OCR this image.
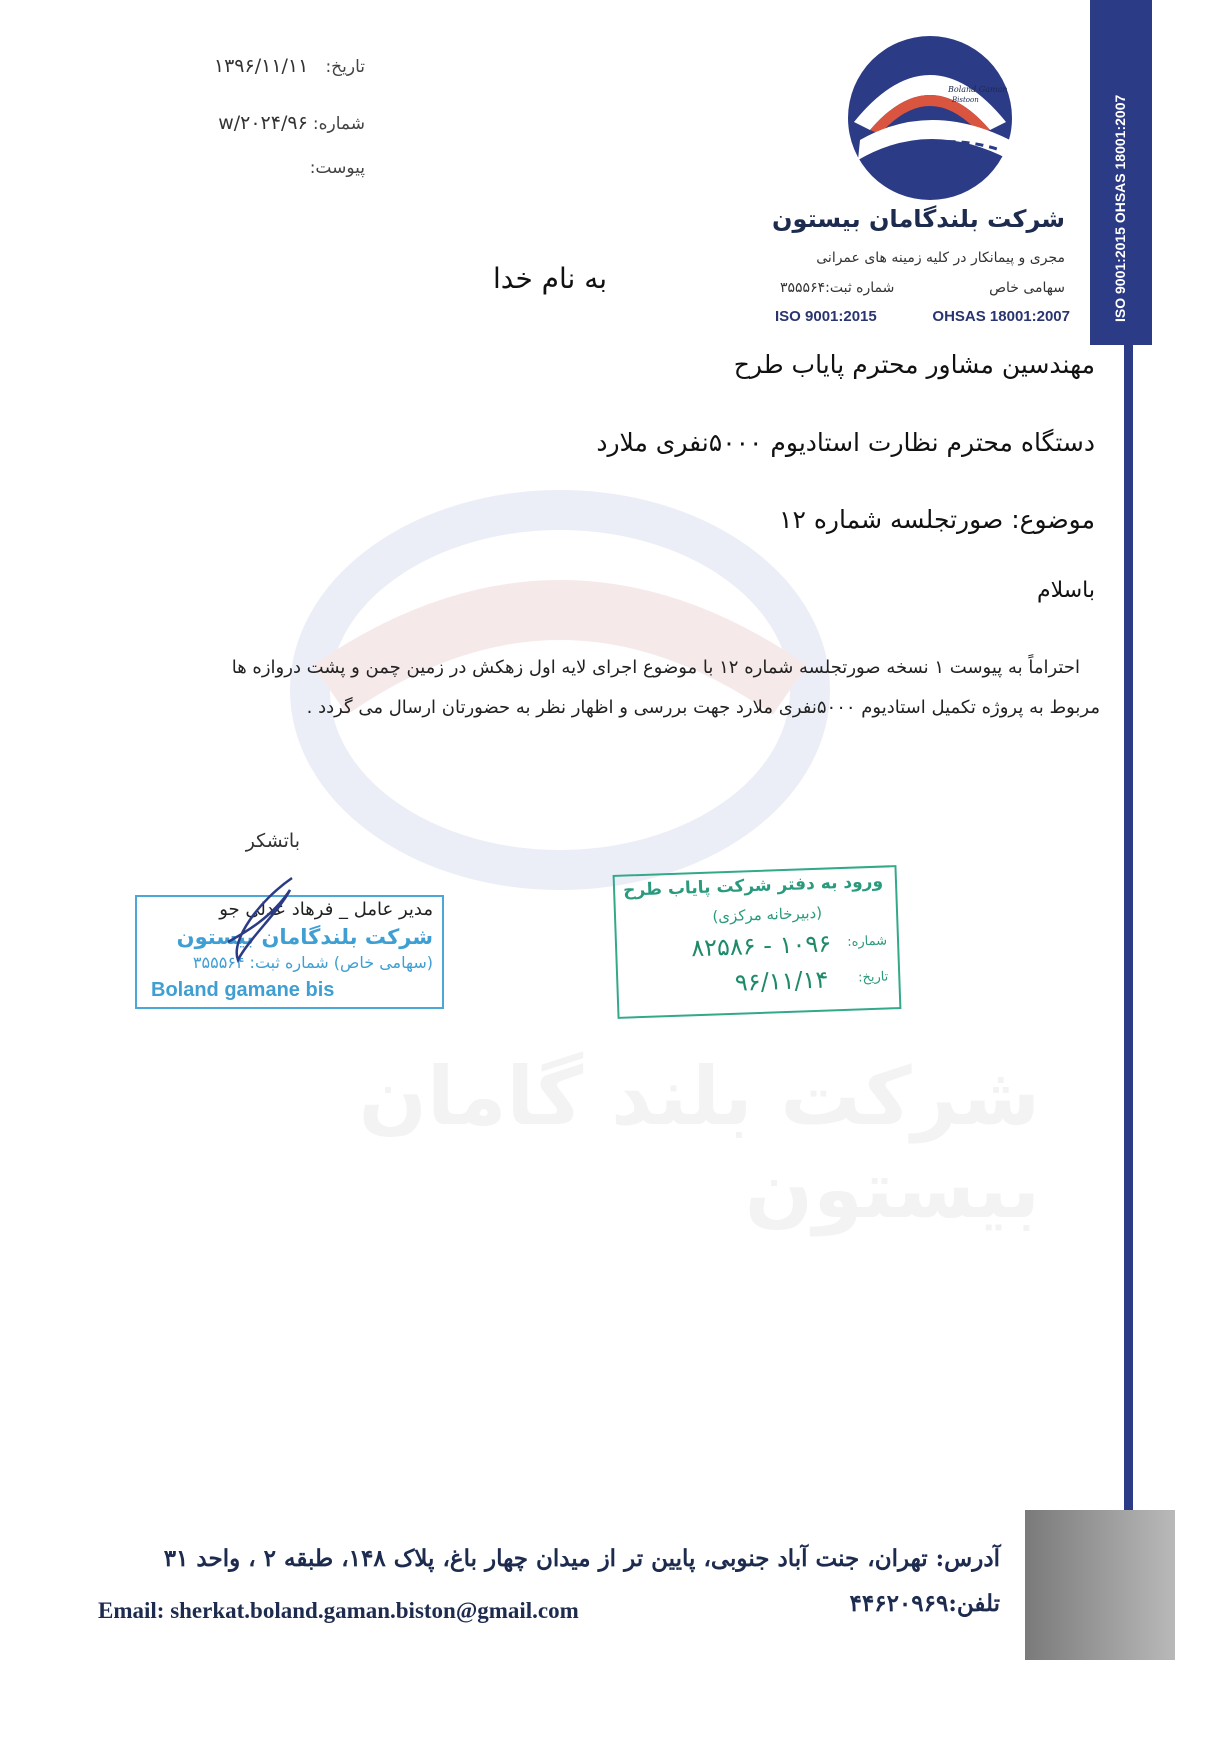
شرکت بلند گامان بیستون
تاریخ: ۱۳۹۶/۱۱/۱۱
شماره: ۹۶/w/۲۰۲۴
پیوست:
Boland Gaman
Bistoon
شرکت بلندگامان بیستون
مجری و پیمانکار در کلیه زمینه های عمرانی
سهامی خاص
شماره ثبت:۳۵۵۵۶۴
ISO 9001:2015	OHSAS 18001:2007	ISO 9001:2015 OHSAS 18001:2007
به نام خدا
مهندسین مشاور محترم پایاب طرح
دستگاه محترم نظارت استادیوم ۵۰۰۰نفری ملارد
موضوع: صورتجلسه شماره ۱۲
باسلام
احتراماً به پیوست ۱ نسخه صورتجلسه شماره ۱۲ با موضوع اجرای لایه اول زهکش در زمین چمن و پشت دروازه ها
مربوط به پروژه تکمیل استادیوم ۵۰۰۰نفری ملارد جهت بررسی و اظهار نظر به حضورتان ارسال می گردد .
باتشکر
مدیر عامل _ فرهاد عدلی جو
شرکت بلندگامان بیستون
(سهامی خاص) شماره ثبت: ۳۵۵۵۶۴
Boland gamane bis
ورود به دفتر شرکت پایاب طرح
(دبیرخانه مرکزی)
شماره:
۱۰۹۶ - ۸۲۵۸۶
تاریخ:
۹۶/۱۱/۱۴
آدرس: تهران، جنت آباد جنوبی، پایین تر از میدان چهار باغ، پلاک ۱۴۸، طبقه ۲ ، واحد ۳۱
تلفن:۴۴۶۲۰۹۶۹
Email: sherkat.boland.gaman.biston@gmail.com
